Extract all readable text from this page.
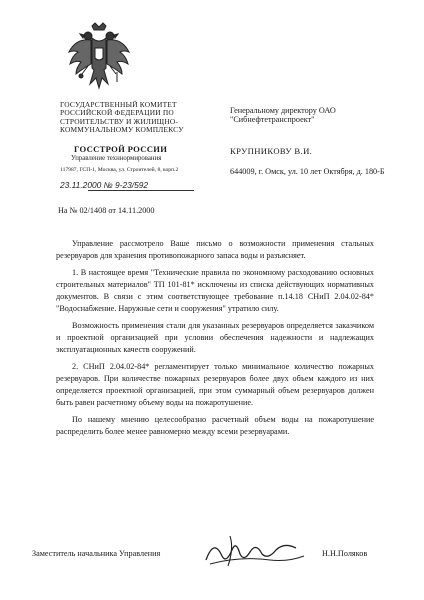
ГОСУДАРСТВЕННЫЙ КОМИТЕТ
РОССИЙСКОЙ ФЕДЕРАЦИИ ПО
СТРОИТЕЛЬСТВУ И ЖИЛИЩНО-
КОММУНАЛЬНОМУ КОМПЛЕКСУ
ГОССТРОЙ РОССИИ
Управление техннормирования
117987, ГСП-1, Москва, ул. Строителей, 8, корп.2
23.11.2000 № 9-23/592
Генеральному директору ОАО "Сибнефтетранспроект"
КРУПНИКОВУ В.И.
644009, г. Омск, ул. 10 лет Октября, д. 180-Б
На № 02/1408 от 14.11.2000

Управление рассмотрело Ваше письмо о возможности применения стальных резервуаров для хранения противопожарного запаса воды и разъясняет.

1. В настоящее время "Технические правила по экономному расходованию основных строительных материалов" ТП 101-81* исключены из списка действующих нормативных документов. В связи с этим соответствующее требование п.14.18 СНиП 2.04.02-84* "Водоснабжение. Наружные сети и сооружения" утратило силу.

Возможность применения стали для указанных резервуаров определяется заказчиком и проектной организацией при условии обеспечения надежности и надлежащих эксплуатационных качеств сооружений.

2. СНиП 2.04.02-84* регламентирует только минимальное количество пожарных резервуаров. При количестве пожарных резервуаров более двух объем каждого из них определяется проектной организацией, при этом суммарный объем резервуаров должен быть равен расчетному объему воды на пожаротушение.

По нашему мнению целесообразно расчетный объем воды на пожаротушение распределить более менее равномерно между всеми резервуарами.

Заместитель начальника Управления	Н.Н.Поляков
